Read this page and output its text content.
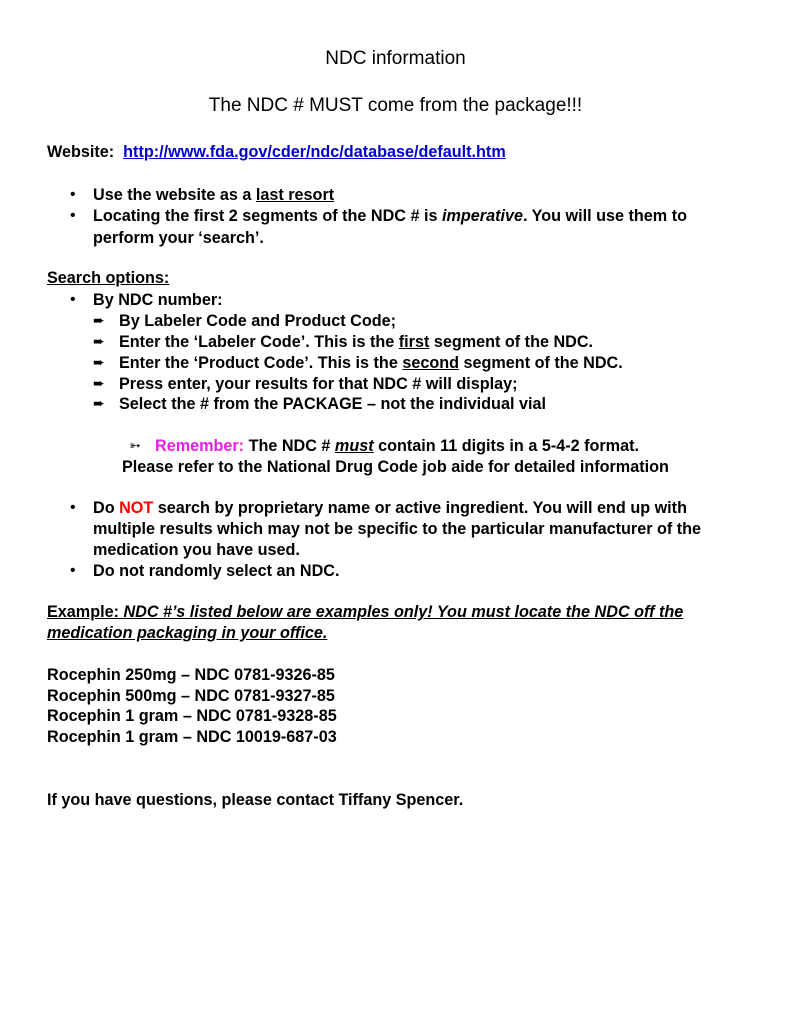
NDC information
The NDC # MUST come from the package!!!
Website: http://www.fda.gov/cder/ndc/database/default.htm
• Use the website as a last resort
• Locating the first 2 segments of the NDC # is imperative. You will use them to
perform your ‘search’.
Search options:
• By NDC number:
➨ By Labeler Code and Product Code;
➨ Enter the ‘Labeler Code’. This is the first segment of the NDC.
➨ Enter the ‘Product Code’. This is the second segment of the NDC.
➨ Press enter, your results for that NDC # will display;
➨ Select the # from the PACKAGE – not the individual vial
➳ Remember: The NDC # must contain 11 digits in a 5-4-2 format.
Please refer to the National Drug Code job aide for detailed information
• Do NOT search by proprietary name or active ingredient. You will end up with
multiple results which may not be specific to the particular manufacturer of the
medication you have used.
• Do not randomly select an NDC.
Example: NDC #’s listed below are examples only! You must locate the NDC off the
medication packaging in your office.
Rocephin 250mg – NDC 0781-9326-85
Rocephin 500mg – NDC 0781-9327-85
Rocephin 1 gram – NDC 0781-9328-85
Rocephin 1 gram – NDC 10019-687-03
If you have questions, please contact Tiffany Spencer.
